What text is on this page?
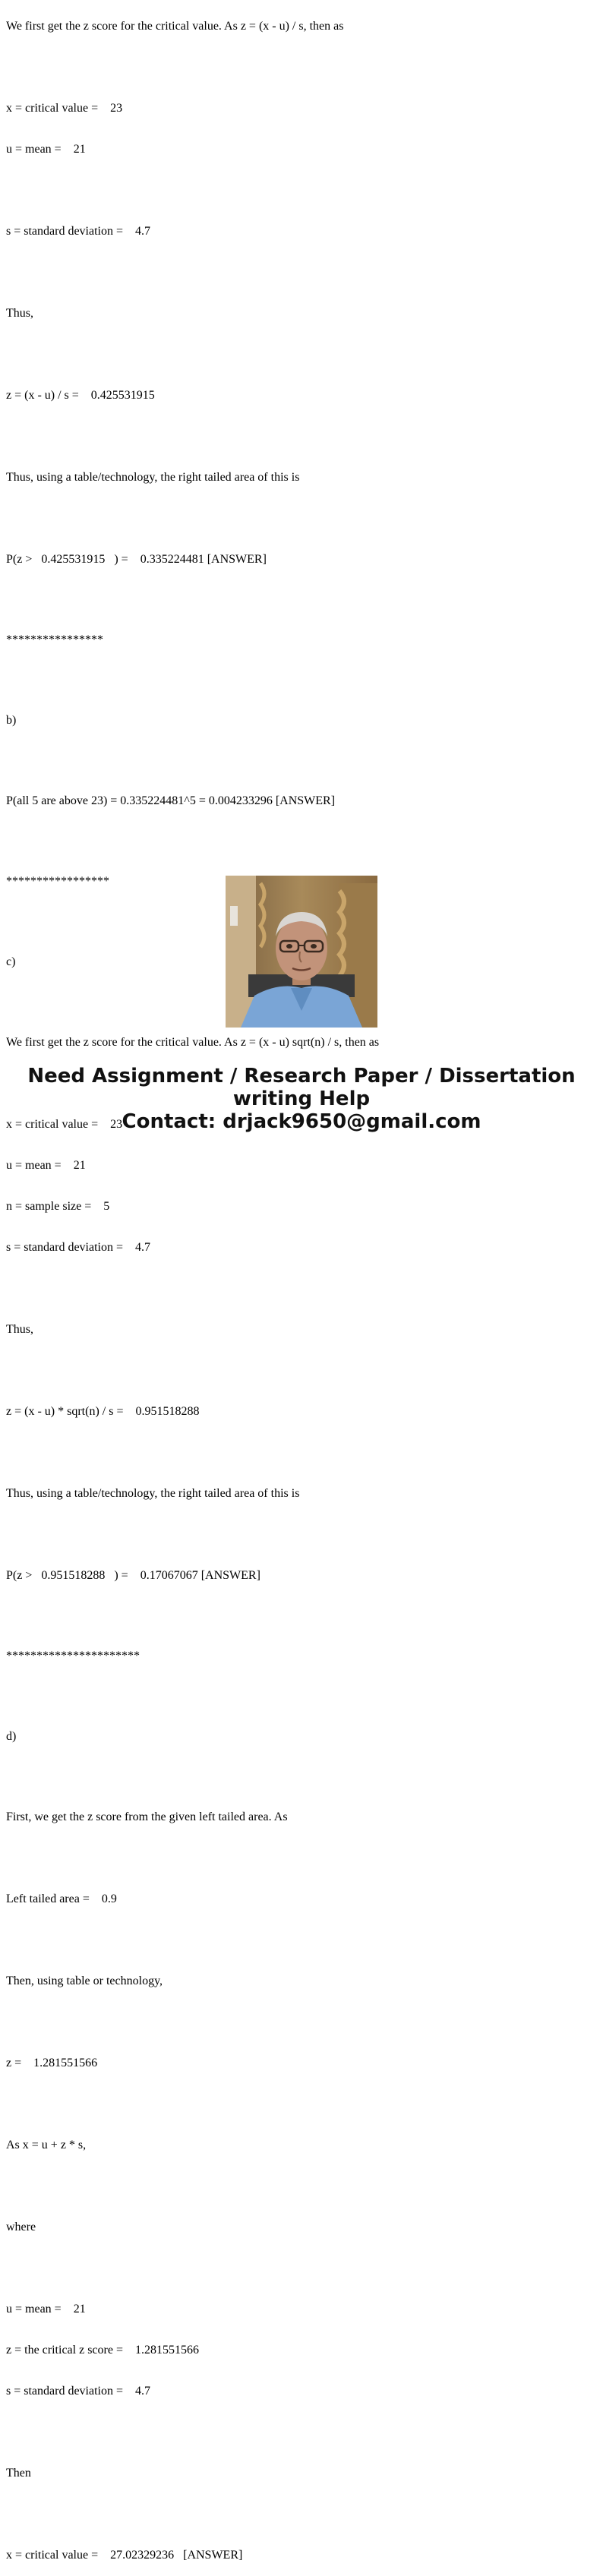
We first get the z score for the critical value. As z = (x - u) / s, then as

x = critical value =    23

u = mean =    21

s = standard deviation =    4.7

Thus,

z = (x - u) / s =    0.425531915

Thus, using a table/technology, the right tailed area of this is

P(z >   0.425531915   ) =    0.335224481 [ANSWER]

****************

b)

P(all 5 are above 23) = 0.335224481^5 = 0.004233296 [ANSWER]

*****************

c)

We first get the z score for the critical value. As z = (x - u) sqrt(n) / s, then as

x = critical value =    23

u = mean =    21

n = sample size =    5

s = standard deviation =    4.7

Thus,

z = (x - u) * sqrt(n) / s =    0.951518288

Thus, using a table/technology, the right tailed area of this is

P(z >   0.951518288   ) =    0.17067067 [ANSWER]

**********************

d)

First, we get the z score from the given left tailed area. As

Left tailed area =    0.9

Then, using table or technology,

z =    1.281551566

As x = u + z * s,

where

u = mean =    21

z = the critical z score =    1.281551566

s = standard deviation =    4.7

Then

x = critical value =    27.02329236   [ANSWER]

Need Assignment / Research Paper / Dissertation
writing Help
Contact: drjack9650@gmail.com
